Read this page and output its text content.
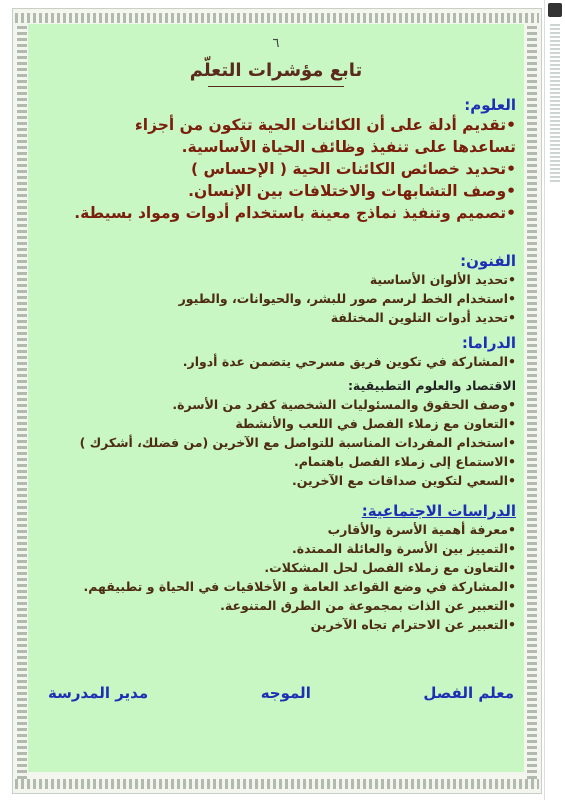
٦
تابع مؤشرات التعلّم
العلوم:
•تقديم أدلة على أن الكائنات الحية تتكون من أجزاء
تساعدها على تنفيذ وظائف الحياة الأساسية.
•تحديد خصائص الكائنات الحية ( الإحساس )
•وصف التشابهات والاختلافات بين الإنسان.
•تصميم وتنفيذ نماذج معينة باستخدام أدوات ومواد بسيطة.
الفنون:
•تحديد الألوان الأساسية
•استخدام الخط لرسم صور للبشر، والحيوانات، والطيور
•تحديد أدوات التلوين المختلفة
الدراما:
•المشاركة في تكوين فريق مسرحي يتضمن عدة أدوار.
الاقتصاد والعلوم التطبيقية:
•وصف الحقوق والمسئوليات الشخصية كفرد من الأسرة.
•التعاون مع زملاء الفصل في اللعب والأنشطة
•استخدام المفردات المناسبة للتواصل مع الآخرين (من فضلك، أشكرك )
•الاستماع إلى زملاء الفصل باهتمام.
•السعي لتكوين صداقات مع الآخرين.
الدراسات الاجتماعية:
•معرفة أهمية الأسرة والأقارب
•التمييز بين الأسرة والعائلة الممتدة.
•التعاون مع زملاء الفصل لحل المشكلات.
•المشاركة في وضع القواعد العامة و الأخلاقيات في الحياة و تطبيقهم.
•التعبير عن الذات بمجموعة من الطرق المتنوعة.
•التعبير عن الاحترام تجاه الآخرين
معلم الفصل
الموجه
مدير المدرسة
